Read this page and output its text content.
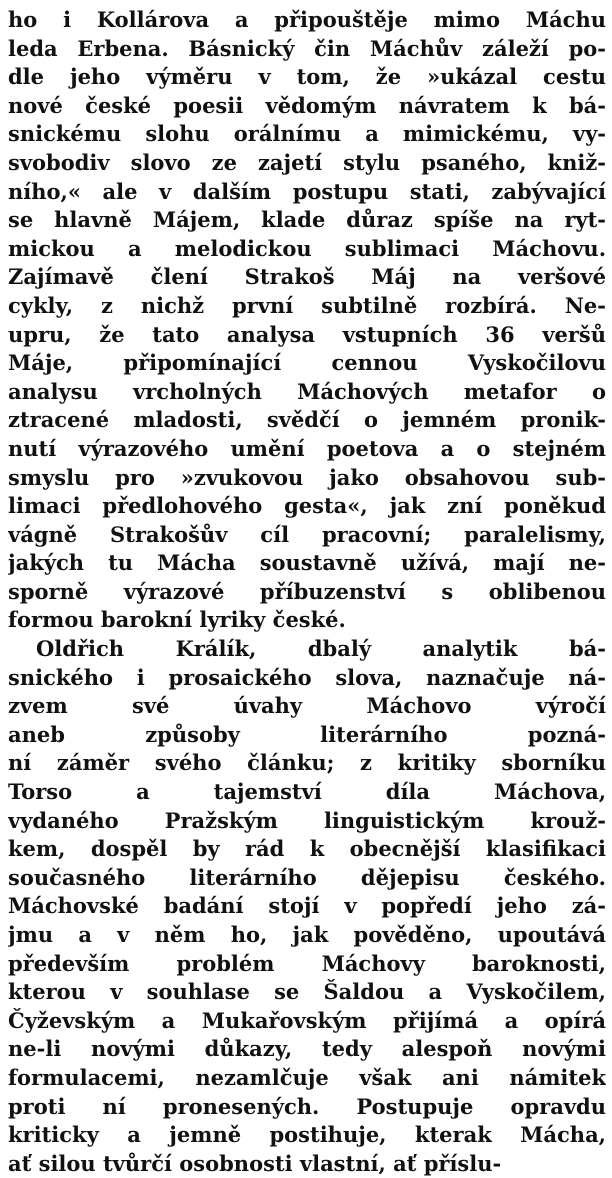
ho i Kollárova a připouštěje mimo Máchu
leda Erbena. Básnický čin Máchův záleží po-
dle jeho výměru v tom, že »ukázal cestu
nové české poesii vědomým návratem k bá-
snickému slohu orálnímu a mimickému, vy-
svobodiv slovo ze zajetí stylu psaného, kniž-
ního,« ale v dalším postupu stati, zabývající
se hlavně Májem, klade důraz spíše na ryt-
mickou a melodickou sublimaci Máchovu.
Zajímavě člení Strakoš Máj na veršové
cykly, z nichž první subtilně rozbírá. Ne-
upru, že tato analysa vstupních 36 veršů
Máje, připomínající cennou Vyskočilovu
analysu vrcholných Máchových metafor o
ztracené mladosti, svědčí o jemném pronik-
nutí výrazového umění poetova a o stejném
smyslu pro »zvukovou jako obsahovou sub-
limaci předlohového gesta«, jak zní poněkud
vágně Strakošův cíl pracovní; paralelismy,
jakých tu Mácha soustavně užívá, mají ne-
sporně výrazové příbuzenství s oblibenou
formou barokní lyriky české.
Oldřich Králík, dbalý analytik bá-
snického i prosaického slova, naznačuje ná-
zvem své úvahy Máchovo výročí
aneb způsoby literárního pozná-
ní záměr svého článku; z kritiky sborníku
Torso a tajemství díla Máchova,
vydaného Pražským linguistickým krouž-
kem, dospěl by rád k obecnější klasifikaci
současného literárního dějepisu českého.
Máchovské badání stojí v popředí jeho zá-
jmu a v něm ho, jak pověděno, upoutává
především problém Máchovy baroknosti,
kterou v souhlase se Šaldou a Vyskočilem,
Čyževským a Mukařovským přijímá a opírá
ne-li novými důkazy, tedy alespoň novými
formulacemi, nezamlčuje však ani námitek
proti ní pronesených. Postupuje opravdu
kriticky a jemně postihuje, kterak Mácha,
ať silou tvůrčí osobnosti vlastní, ať příslu-
